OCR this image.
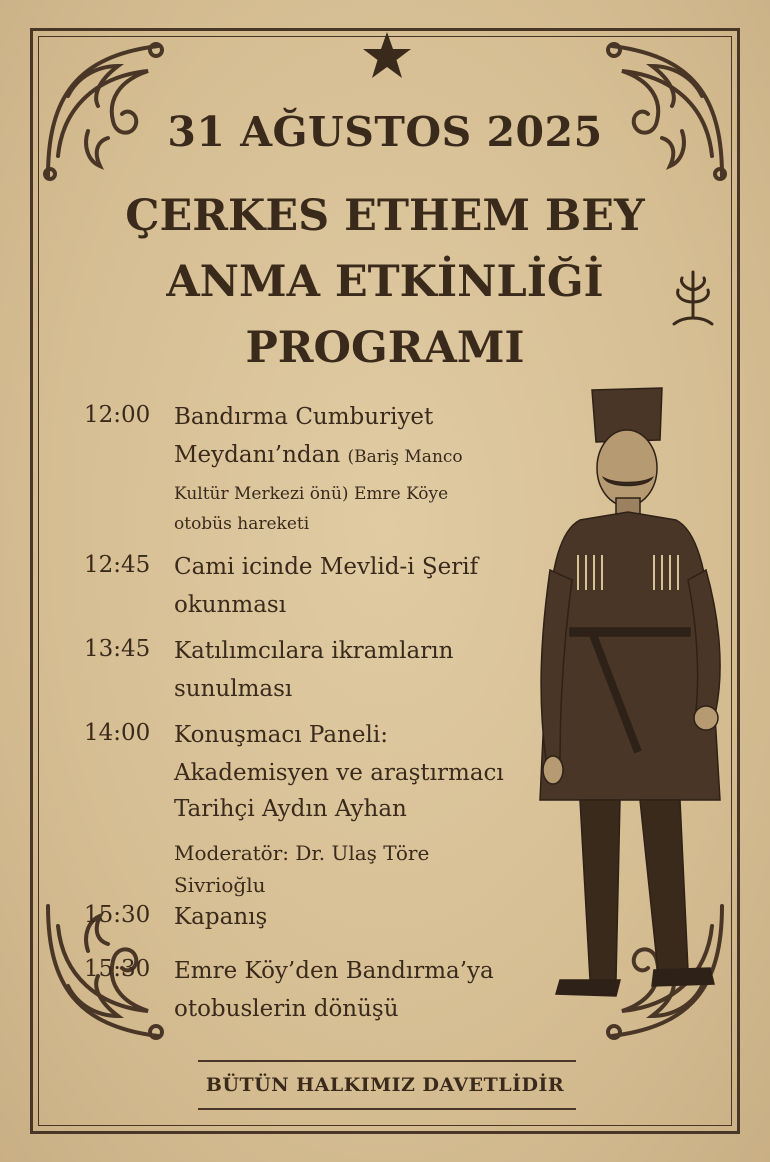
31 AĞUSTOS 2025
ÇERKES ETHEM BEY
ANMA ETKİNLİĞİ
PROGRAMI
12:00	Bandırma Cumburiyet
Meydanı’ndan (Bariş Manco
Kultür Merkezi önü) Emre Köye
otobüs hareketi
12:45	Cami icinde Mevlid-i Şerif
okunması
13:45	Katılımcılara ikramların
sunulması
14:00	Konuşmacı Paneli:
Akademisyen ve araştırmacı
Tarihçi Aydın Ayhan
Moderatör: Dr. Ulaş Töre
Sivrioğlu
15:30	Kapanış
15:30	Emre Köy’den Bandırma’ya
otobuslerin dönüşü
BÜTÜN HALKIMIZ DAVETLİDİR
